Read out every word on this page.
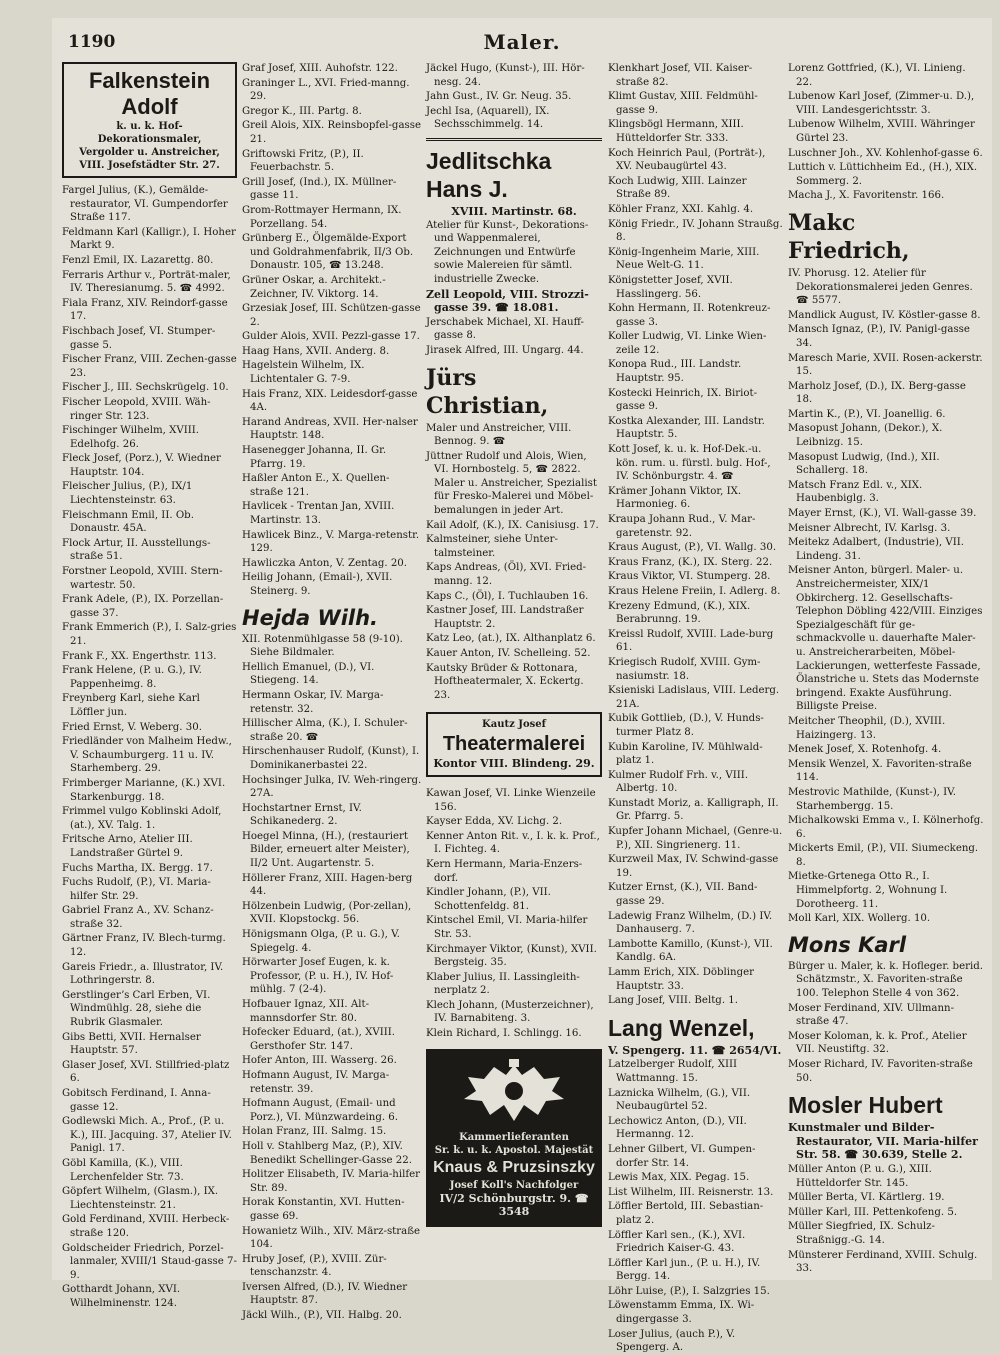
1190	Maler.
Falkenstein Adolf
k. u. k. Hof-
Dekorationsmaler,
Vergolder u. Anstreicher,
VIII. Josefstädter Str. 27.
Fargel Julius, (K.), Gemälde-restaurator, VI. Gumpendorfer Straße 117.
Feldmann Karl (Kalligr.), I. Hoher Markt 9.
Fenzl Emil, IX. Lazarettg. 80.
Ferraris Arthur v., Porträt-maler, IV. Theresianumg. 5. ☎ 4992.
Fiala Franz, XIV. Reindorf-gasse 17.
Fischbach Josef, VI. Stumper-gasse 5.
Fischer Franz, VIII. Zechen-gasse 23.
Fischer J., III. Sechskrügelg. 10.
Fischer Leopold, XVIII. Wäh-ringer Str. 123.
Fischinger Wilhelm, XVIII. Edelhofg. 26.
Fleck Josef, (Porz.), V. Wiedner Hauptstr. 104.
Fleischer Julius, (P.), IX/1 Liechtensteinstr. 63.
Fleischmann Emil, II. Ob. Donaustr. 45A.
Flock Artur, II. Ausstellungs-straße 51.
Forstner Leopold, XVIII. Stern-wartestr. 50.
Frank Adele, (P.), IX. Porzellan-gasse 37.
Frank Emmerich (P.), I. Salz-gries 21.
Frank F., XX. Engerthstr. 113.
Frank Helene, (P. u. G.), IV. Pappenheimg. 8.
Freynberg Karl, siehe Karl Löffler jun.
Fried Ernst, V. Weberg. 30.
Friedländer von Malheim Hedw., V. Schaumburgerg. 11 u. IV. Starhemberg. 29.
Frimberger Marianne, (K.) XVI. Starkenburgg. 18.
Frimmel vulgo Koblinski Adolf, (at.), XV. Talg. 1.
Fritsche Arno, Atelier III. Landstraßer Gürtel 9.
Fuchs Martha, IX. Bergg. 17.
Fuchs Rudolf, (P.), VI. Maria-hilfer Str. 29.
Gabriel Franz A., XV. Schanz-straße 32.
Gärtner Franz, IV. Blech-turmg. 12.
Gareis Friedr., a. Illustrator, IV. Lothringerstr. 8.
Gerstlingerʼs Carl Erben, VI. Windmühlg. 28, siehe die Rubrik Glasmaler.
Gibs Betti, XVII. Hernalser Hauptstr. 57.
Glaser Josef, XVI. Stillfried-platz 6.
Gobitsch Ferdinand, I. Anna-gasse 12.
Godlewski Mich. A., Prof., (P. u. K.), III. Jacquing. 37, Atelier IV. Panigl. 17.
Göbl Kamilla, (K.), VIII. Lerchenfelder Str. 73.
Göpfert Wilhelm, (Glasm.), IX. Liechtensteinstr. 21.
Gold Ferdinand, XVIII. Herbeck-straße 120.
Goldscheider Friedrich, Porzel-lanmaler, XVIII/1 Staud-gasse 7-9.
Gotthardt Johann, XVI. Wilhelminenstr. 124.
Graf Josef, XIII. Auhofstr. 122.
Graninger L., XVI. Fried-manng. 29.
Gregor K., III. Partg. 8.
Greil Alois, XIX. Reinsbopfel-gasse 21.
Griftowski Fritz, (P.), II. Feuerbachstr. 5.
Grill Josef, (Ind.), IX. Müllner-gasse 11.
Grom-Rottmayer Hermann, IX. Porzellang. 54.
Grünberg E., Ölgemälde-Export und Goldrahmenfabrik, II/3 Ob. Donaustr. 105, ☎ 13.248.
Grüner Oskar, a. Architekt.-Zeichner, IV. Viktorg. 14.
Grzesiak Josef, III. Schützen-gasse 2.
Gulder Alois, XVII. Pezzl-gasse 17.
Haag Hans, XVII. Anderg. 8.
Hagelstein Wilhelm, IX. Lichtentaler G. 7-9.
Hais Franz, XIX. Leidesdorf-gasse 4A.
Harand Andreas, XVII. Her-nalser Hauptstr. 148.
Hasenegger Johanna, II. Gr. Pfarrg. 19.
Haßler Anton E., X. Quellen-straße 121.
Havlicek - Trentan Jan, XVIII. Martinstr. 13.
Hawlicek Binz., V. Marga-retenstr. 129.
Hawliczka Anton, V. Zentag. 20.
Heilig Johann, (Email-), XVII. Steinerg. 9.
Hejda Wilh.
XII. Rotenmühlgasse 58 (9-10). Siehe Bildmaler.
Hellich Emanuel, (D.), VI. Stiegeng. 14.
Hermann Oskar, IV. Marga-retenstr. 32.
Hillischer Alma, (K.), I. Schuler-straße 20. ☎
Hirschenhauser Rudolf, (Kunst), I. Dominikanerbastei 22.
Hochsinger Julka, IV. Weh-ringerg. 27A.
Hochstartner Ernst, IV. Schikanederg. 2.
Hoegel Minna, (H.), (restauriert Bilder, erneuert alter Meister), II/2 Unt. Augartenstr. 5.
Höllerer Franz, XIII. Hagen-berg 44.
Hölzenbein Ludwig, (Por-zellan), XVII. Klopstockg. 56.
Hönigsmann Olga, (P. u. G.), V. Spiegelg. 4.
Hörwarter Josef Eugen, k. k. Professor, (P. u. H.), IV. Hof-mühlg. 7 (2-4).
Hofbauer Ignaz, XII. Alt-mannsdorfer Str. 80.
Hofecker Eduard, (at.), XVIII. Gersthofer Str. 147.
Hofer Anton, III. Wasserg. 26.
Hofmann August, IV. Marga-retenstr. 39.
Hofmann August, (Email- und Porz.), VI. Münzwardeing. 6.
Holan Franz, III. Salmg. 15.
Holl v. Stahlberg Maz, (P.), XIV. Benedikt Schellinger-Gasse 22.
Holitzer Elisabeth, IV. Maria-hilfer Str. 89.
Horak Konstantin, XVI. Hutten-gasse 69.
Howanietz Wilh., XIV. März-straße 104.
Hruby Josef, (P.), XVIII. Zür-tenschanzstr. 4.
Iversen Alfred, (D.), IV. Wiedner Hauptstr. 87.
Jäckl Wilh., (P.), VII. Halbg. 20.
Jäckel Hugo, (Kunst-), III. Hör-nesg. 24.
Jahn Gust., IV. Gr. Neug. 35.
Jechl Isa, (Aquarell), IX. Sechsschimmelg. 14.
Jedlitschka Hans J.
XVIII. Martinstr. 68.
Atelier für Kunst-, Dekorations- und Wappenmalerei, Zeichnungen und Entwürfe sowie Malereien für sämtl. industrielle Zwecke.
Zell Leopold, VIII. Strozzi-gasse 39. ☎ 18.081.
Jerschabek Michael, XI. Hauff-gasse 8.
Jirasek Alfred, III. Ungarg. 44.
Jürs Christian,
Maler und Anstreicher, VIII. Bennog. 9. ☎
Jüttner Rudolf und Alois, Wien, VI. Hornbostelg. 5, ☎ 2822. Maler u. Anstreicher, Spezialist für Fresko-Malerei und Möbel-bemalungen in jeder Art.
Kail Adolf, (K.), IX. Canisiusg. 17.
Kalmsteiner, siehe Unter-talmsteiner.
Kaps Andreas, (Öl), XVI. Fried-manng. 12.
Kaps C., (Öl), I. Tuchlauben 16.
Kastner Josef, III. Landstraßer Hauptstr. 2.
Katz Leo, (at.), IX. Althanplatz 6.
Kauer Anton, IV. Schelleing. 52.
Kautsky Brüder & Rottonara, Hoftheatermaler, X. Eckertg. 23.
Kautz Josef
Theatermalerei
Kontor VIII. Blindeng. 29.
Kawan Josef, VI. Linke Wienzeile 156.
Kayser Edda, XV. Lichg. 2.
Kenner Anton Rit. v., I. k. k. Prof., I. Fichteg. 4.
Kern Hermann, Maria-Enzers-dorf.
Kindler Johann, (P.), VII. Schottenfeldg. 81.
Kintschel Emil, VI. Maria-hilfer Str. 53.
Kirchmayer Viktor, (Kunst), XVII. Bergsteig. 35.
Klaber Julius, II. Lassingleith-nerplatz 2.
Klech Johann, (Musterzeichner), IV. Barnabiteng. 3.
Klein Richard, I. Schlingg. 16.
Kammerlieferanten
Sr. k. u. k. Apostol. Majestät
Knaus & Pruzsinszky
Josef Koll's Nachfolger
IV/2 Schönburgstr. 9. ☎ 3548
Klenkhart Josef, VII. Kaiser-straße 82.
Klimt Gustav, XIII. Feldmühl-gasse 9.
Klingsbögl Hermann, XIII. Hütteldorfer Str. 333.
Koch Heinrich Paul, (Porträt-), XV. Neubaugürtel 43.
Koch Ludwig, XIII. Lainzer Straße 89.
Köhler Franz, XXI. Kahlg. 4.
König Friedr., IV. Johann Straußg. 8.
König-Ingenheim Marie, XIII. Neue Welt-G. 11.
Königstetter Josef, XVII. Hasslingerg. 56.
Kohn Hermann, II. Rotenkreuz-gasse 3.
Koller Ludwig, VI. Linke Wien-zeile 12.
Konopa Rud., III. Landstr. Hauptstr. 95.
Kostecki Heinrich, IX. Biriot-gasse 9.
Kostka Alexander, III. Landstr. Hauptstr. 5.
Kott Josef, k. u. k. Hof-Dek.-u. kön. rum. u. fürstl. bulg. Hof-, IV. Schönburgstr. 4. ☎
Krämer Johann Viktor, IX. Harmonieg. 6.
Kraupa Johann Rud., V. Mar-garetenstr. 92.
Kraus August, (P.), VI. Wallg. 30.
Kraus Franz, (K.), IX. Sterg. 22.
Kraus Viktor, VI. Stumperg. 28.
Kraus Helene Freiin, I. Adlerg. 8.
Krezeny Edmund, (K.), XIX. Berabrunng. 19.
Kreissl Rudolf, XVIII. Lade-burg 61.
Kriegisch Rudolf, XVIII. Gym-nasiumstr. 18.
Ksieniski Ladislaus, VIII. Lederg. 21A.
Kubik Gottlieb, (D.), V. Hunds-turmer Platz 8.
Kubin Karoline, IV. Mühlwald-platz 1.
Kulmer Rudolf Frh. v., VIII. Albertg. 10.
Kunstadt Moriz, a. Kalligraph, II. Gr. Pfarrg. 5.
Kupfer Johann Michael, (Genre-u. P.), XII. Singrienerg. 11.
Kurzweil Max, IV. Schwind-gasse 19.
Kutzer Ernst, (K.), VII. Band-gasse 29.
Ladewig Franz Wilhelm, (D.) IV. Danhauserg. 7.
Lambotte Kamillo, (Kunst-), VII. Kandlg. 6A.
Lamm Erich, XIX. Döblinger Hauptstr. 33.
Lang Josef, VIII. Beltg. 1.
Lang Wenzel,
V. Spengerg. 11. ☎ 2654/VI.
Latzelberger Rudolf, XIII Wattmanng. 15.
Laznicka Wilhelm, (G.), VII. Neubaugürtel 52.
Lechowicz Anton, (D.), VII. Hermanng. 12.
Lehner Gilbert, VI. Gumpen-dorfer Str. 14.
Lewis Max, XIX. Pegag. 15.
List Wilhelm, III. Reisnerstr. 13.
Löffler Bertold, III. Sebastian-platz 2.
Löffler Karl sen., (K.), XVI. Friedrich Kaiser-G. 43.
Löffler Karl jun., (P. u. H.), IV. Bergg. 14.
Löhr Luise, (P.), I. Salzgries 15.
Löwenstamm Emma, IX. Wi-dingergasse 3.
Loser Julius, (auch P.), V. Spengerg. A.
Lorenz Gottfried, (K.), VI. Linieng. 22.
Lubenow Karl Josef, (Zimmer-u. D.), VIII. Landesgerichtsstr. 3.
Lubenow Wilhelm, XVIII. Währinger Gürtel 23.
Luschner Joh., XV. Kohlenhof-gasse 6.
Luttich v. Lüttichheim Ed., (H.), XIX. Sommerg. 2.
Macha J., X. Favoritenstr. 166.
Makc Friedrich,
IV. Phorusg. 12. Atelier für Dekorationsmalerei jeden Genres. ☎ 5577.
Mandlick August, IV. Köstler-gasse 8.
Mansch Ignaz, (P.), IV. Panigl-gasse 34.
Maresch Marie, XVII. Rosen-ackerstr. 15.
Marholz Josef, (D.), IX. Berg-gasse 18.
Martin K., (P.), VI. Joanellig. 6.
Masopust Johann, (Dekor.), X. Leibnizg. 15.
Masopust Ludwig, (Ind.), XII. Schallerg. 18.
Matsch Franz Edl. v., XIX. Haubenbiglg. 3.
Mayer Ernst, (K.), VI. Wall-gasse 39.
Meisner Albrecht, IV. Karlsg. 3.
Meitekz Adalbert, (Industrie), VII. Lindeng. 31.
Meisner Anton, bürgerl. Maler- u. Anstreichermeister, XIX/1 Obkircherg. 12. Gesellschafts-Telephon Döbling 422/VIII. Einziges Spezialgeschäft für ge-schmackvolle u. dauerhafte Maler- u. Anstreicherarbeiten, Möbel-Lackierungen, wetterfeste Fassade, Ölanstriche u. Stets das Modernste bringend. Exakte Ausführung. Billigste Preise.
Meitcher Theophil, (D.), XVIII. Haizingerg. 13.
Menek Josef, X. Rotenhofg. 4.
Mensik Wenzel, X. Favoriten-straße 114.
Mestrovic Mathilde, (Kunst-), IV. Starhembergg. 15.
Michalkowski Emma v., I. Kölnerhofg. 6.
Mickerts Emil, (P.), VII. Siumeckeng. 8.
Mietke-Grtenega Otto R., I. Himmelpfortg. 2, Wohnung I. Dorotheerg. 11.
Moll Karl, XIX. Wollerg. 10.
Mons Karl
Bürger u. Maler, k. k. Hofleger. berid. Schätzmstr., X. Favoriten-straße 100. Telephon Stelle 4 von 362.
Moser Ferdinand, XIV. Ullmann-straße 47.
Moser Koloman, k. k. Prof., Atelier VII. Neustiftg. 32.
Moser Richard, IV. Favoriten-straße 50.
Mosler Hubert
Kunstmaler und Bilder-Restaurator, VII. Maria-hilfer Str. 58. ☎ 30.639, Stelle 2.
Müller Anton (P. u. G.), XIII. Hütteldorfer Str. 145.
Müller Berta, VI. Kärtlerg. 19.
Müller Karl, III. Pettenkofeng. 5.
Müller Siegfried, IX. Schulz-Straßnigg.-G. 14.
Münsterer Ferdinand, XVIII. Schulg. 33.
